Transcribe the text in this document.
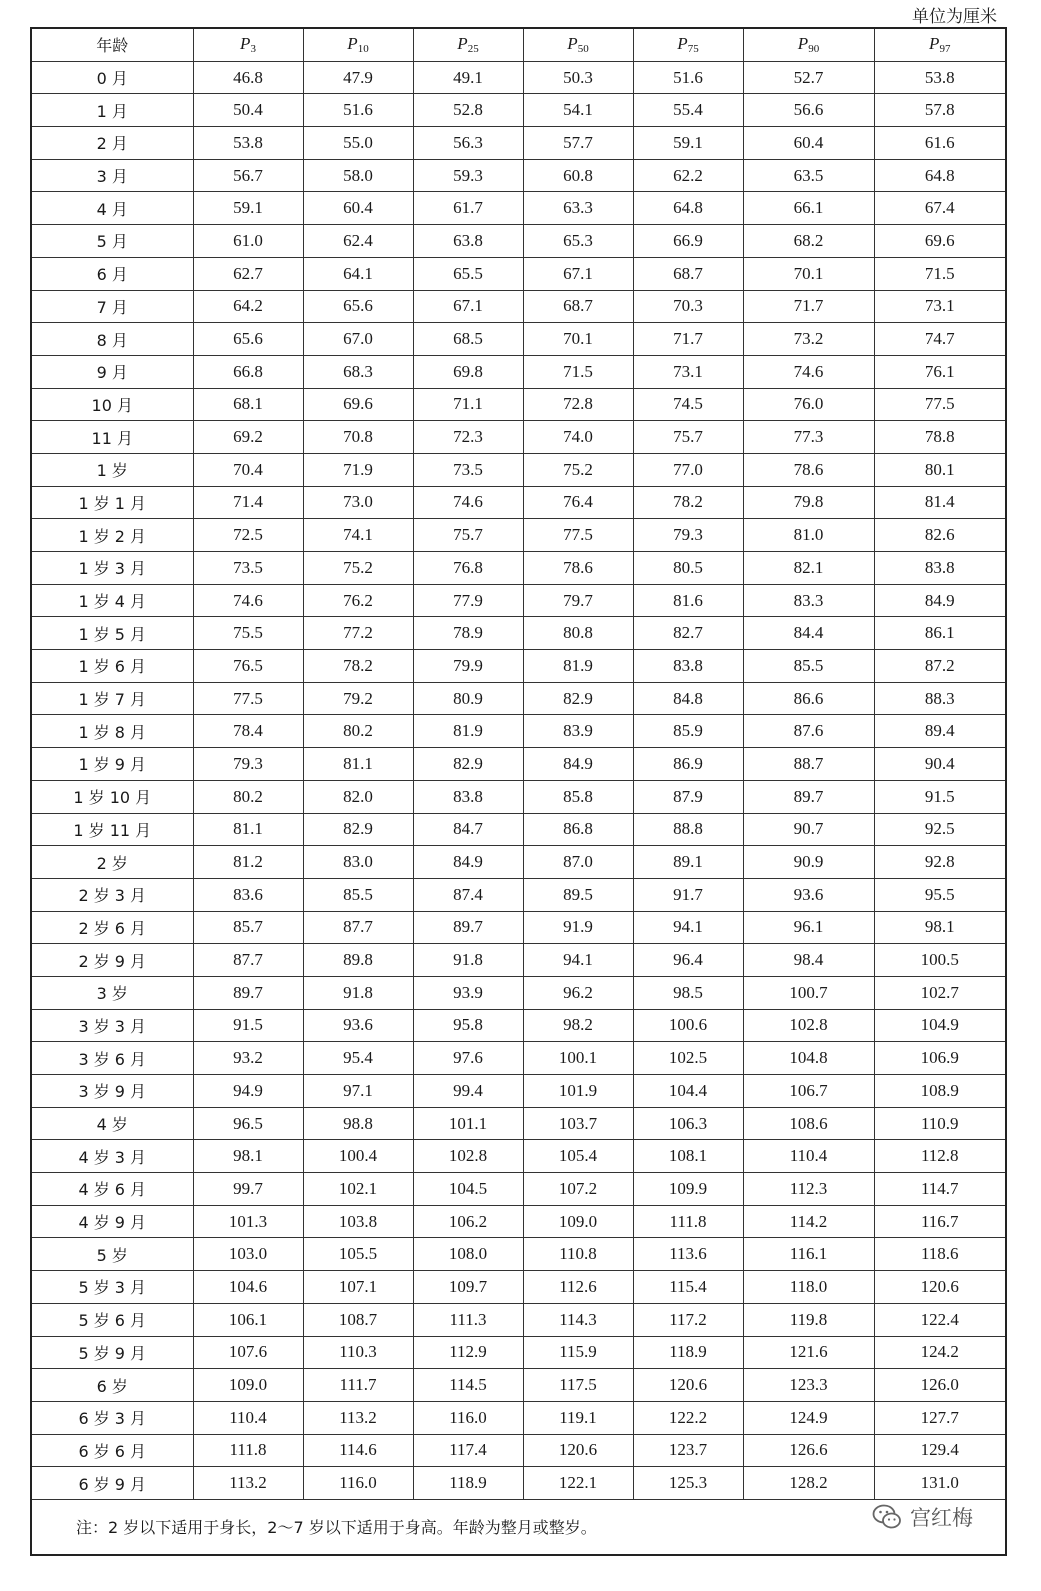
单位为厘米
年龄	$P_3$	$P_{10}$	$P_{25}$	$P_{50}$	$P_{75}$	$P_{90}$	$P_{97}$
0 月	46.8	47.9	49.1	50.3	51.6	52.7	53.8
1 月	50.4	51.6	52.8	54.1	55.4	56.6	57.8
2 月	53.8	55.0	56.3	57.7	59.1	60.4	61.6
3 月	56.7	58.0	59.3	60.8	62.2	63.5	64.8
4 月	59.1	60.4	61.7	63.3	64.8	66.1	67.4
5 月	61.0	62.4	63.8	65.3	66.9	68.2	69.6
6 月	62.7	64.1	65.5	67.1	68.7	70.1	71.5
7 月	64.2	65.6	67.1	68.7	70.3	71.7	73.1
8 月	65.6	67.0	68.5	70.1	71.7	73.2	74.7
9 月	66.8	68.3	69.8	71.5	73.1	74.6	76.1
10 月	68.1	69.6	71.1	72.8	74.5	76.0	77.5
11 月	69.2	70.8	72.3	74.0	75.7	77.3	78.8
1 岁	70.4	71.9	73.5	75.2	77.0	78.6	80.1
1 岁 1 月	71.4	73.0	74.6	76.4	78.2	79.8	81.4
1 岁 2 月	72.5	74.1	75.7	77.5	79.3	81.0	82.6
1 岁 3 月	73.5	75.2	76.8	78.6	80.5	82.1	83.8
1 岁 4 月	74.6	76.2	77.9	79.7	81.6	83.3	84.9
1 岁 5 月	75.5	77.2	78.9	80.8	82.7	84.4	86.1
1 岁 6 月	76.5	78.2	79.9	81.9	83.8	85.5	87.2
1 岁 7 月	77.5	79.2	80.9	82.9	84.8	86.6	88.3
1 岁 8 月	78.4	80.2	81.9	83.9	85.9	87.6	89.4
1 岁 9 月	79.3	81.1	82.9	84.9	86.9	88.7	90.4
1 岁 10 月	80.2	82.0	83.8	85.8	87.9	89.7	91.5
1 岁 11 月	81.1	82.9	84.7	86.8	88.8	90.7	92.5
2 岁	81.2	83.0	84.9	87.0	89.1	90.9	92.8
2 岁 3 月	83.6	85.5	87.4	89.5	91.7	93.6	95.5
2 岁 6 月	85.7	87.7	89.7	91.9	94.1	96.1	98.1
2 岁 9 月	87.7	89.8	91.8	94.1	96.4	98.4	100.5
3 岁	89.7	91.8	93.9	96.2	98.5	100.7	102.7
3 岁 3 月	91.5	93.6	95.8	98.2	100.6	102.8	104.9
3 岁 6 月	93.2	95.4	97.6	100.1	102.5	104.8	106.9
3 岁 9 月	94.9	97.1	99.4	101.9	104.4	106.7	108.9
4 岁	96.5	98.8	101.1	103.7	106.3	108.6	110.9
4 岁 3 月	98.1	100.4	102.8	105.4	108.1	110.4	112.8
4 岁 6 月	99.7	102.1	104.5	107.2	109.9	112.3	114.7
4 岁 9 月	101.3	103.8	106.2	109.0	111.8	114.2	116.7
5 岁	103.0	105.5	108.0	110.8	113.6	116.1	118.6
5 岁 3 月	104.6	107.1	109.7	112.6	115.4	118.0	120.6
5 岁 6 月	106.1	108.7	111.3	114.3	117.2	119.8	122.4
5 岁 9 月	107.6	110.3	112.9	115.9	118.9	121.6	124.2
6 岁	109.0	111.7	114.5	117.5	120.6	123.3	126.0
6 岁 3 月	110.4	113.2	116.0	119.1	122.2	124.9	127.7
6 岁 6 月	111.8	114.6	117.4	120.6	123.7	126.6	129.4
6 岁 9 月	113.2	116.0	118.9	122.1	125.3	128.2	131.0
注：2 岁以下适用于身长，2～7 岁以下适用于身高。年龄为整月或整岁。								宫红梅
